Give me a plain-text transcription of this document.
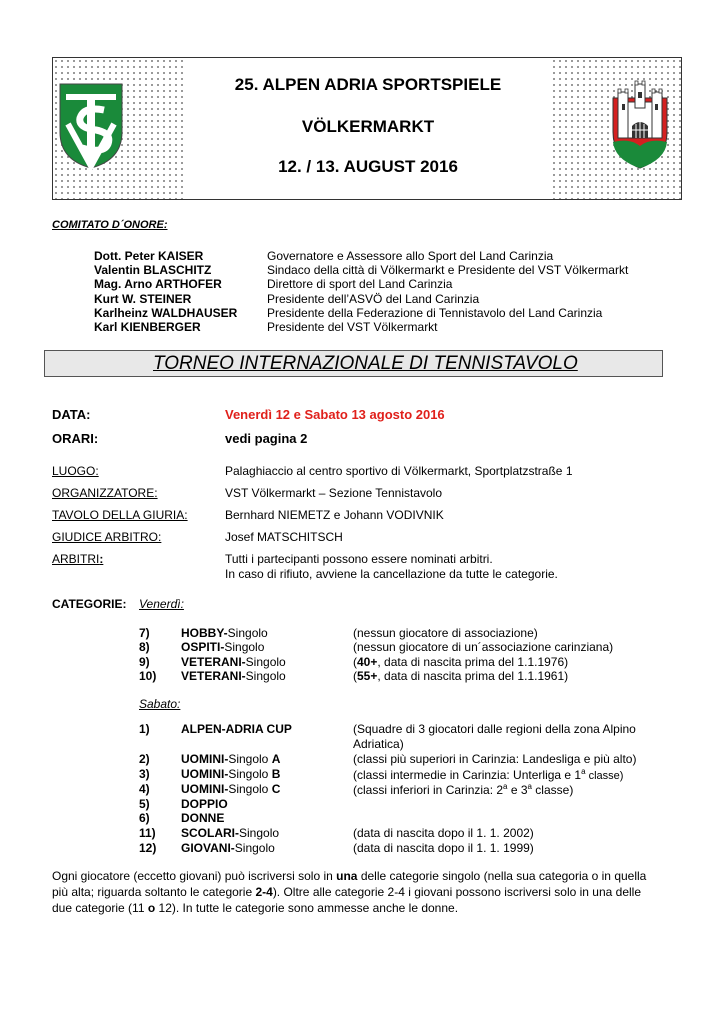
25. ALPEN ADRIA SPORTSPIELE
VÖLKERMARKT
12. / 13. AUGUST 2016
COMITATO D´ONORE:
Dott. Peter KAISER	Governatore e Assessore allo Sport del Land Carinzia
Valentin BLASCHITZ	Sindaco della città di Völkermarkt e Presidente del VST Völkermarkt
Mag. Arno ARTHOFER	Direttore di sport del Land Carinzia
Kurt W. STEINER	Presidente dell’ASVÖ del Land Carinzia
Karlheinz WALDHAUSER Presidente della Federazione di Tennistavolo del Land Carinzia
Karl KIENBERGER	Presidente del VST Völkermarkt
TORNEO INTERNAZIONALE DI TENNISTAVOLO
DATA:	Venerdì 12 e Sabato 13 agosto 2016
ORARI:	vedi pagina 2
LUOGO:	Palaghiaccio al centro sportivo di Völkermarkt, Sportplatzstraße 1
ORGANIZZATORE:	VST Völkermarkt – Sezione Tennistavolo
TAVOLO DELLA GIURIA:	Bernhard NIEMETZ e Johann VODIVNIK
GIUDICE ARBITRO:	Josef MATSCHITSCH
ARBITRI:	Tutti i partecipanti possono essere nominati arbitri.
In caso di rifiuto, avviene la cancellazione da tutte le categorie.
CATEGORIE: Venerdì:
7)	HOBBY-Singolo	(nessun giocatore di associazione)
8)	OSPITI-Singolo	(nessun giocatore di un´associazione carinziana)
9)	VETERANI-Singolo	(40+, data di nascita prima del 1.1.1976)
10) VETERANI-Singolo	(55+, data di nascita prima del 1.1.1961)
Sabato:
1)	ALPEN-ADRIA CUP	(Squadre di 3 giocatori dalle regioni della zona Alpino
Adriatica)
2)	UOMINI-Singolo A	(classi più superiori in Carinzia: Landesliga e più alto)
3)	UOMINI-Singolo B	(classi intermedie in Carinzia: Unterliga e 1$^a$ classe)
4)	UOMINI-Singolo C	(classi inferiori in Carinzia: 2$^a$ e 3$^a$ classe)
5)	DOPPIO
6)	DONNE
11) SCOLARI-Singolo	(data di nascita dopo il 1. 1. 2002)
12) GIOVANI-Singolo	(data di nascita dopo il 1. 1. 1999)
Ogni giocatore (eccetto giovani) può iscriversi solo in una delle categorie singolo (nella sua categoria o in quella più alta; riguarda soltanto le categorie 2-4). Oltre alle categorie 2-4 i giovani possono iscriversi solo in una delle due categorie (11 o 12). In tutte le categorie sono ammesse anche le donne.
